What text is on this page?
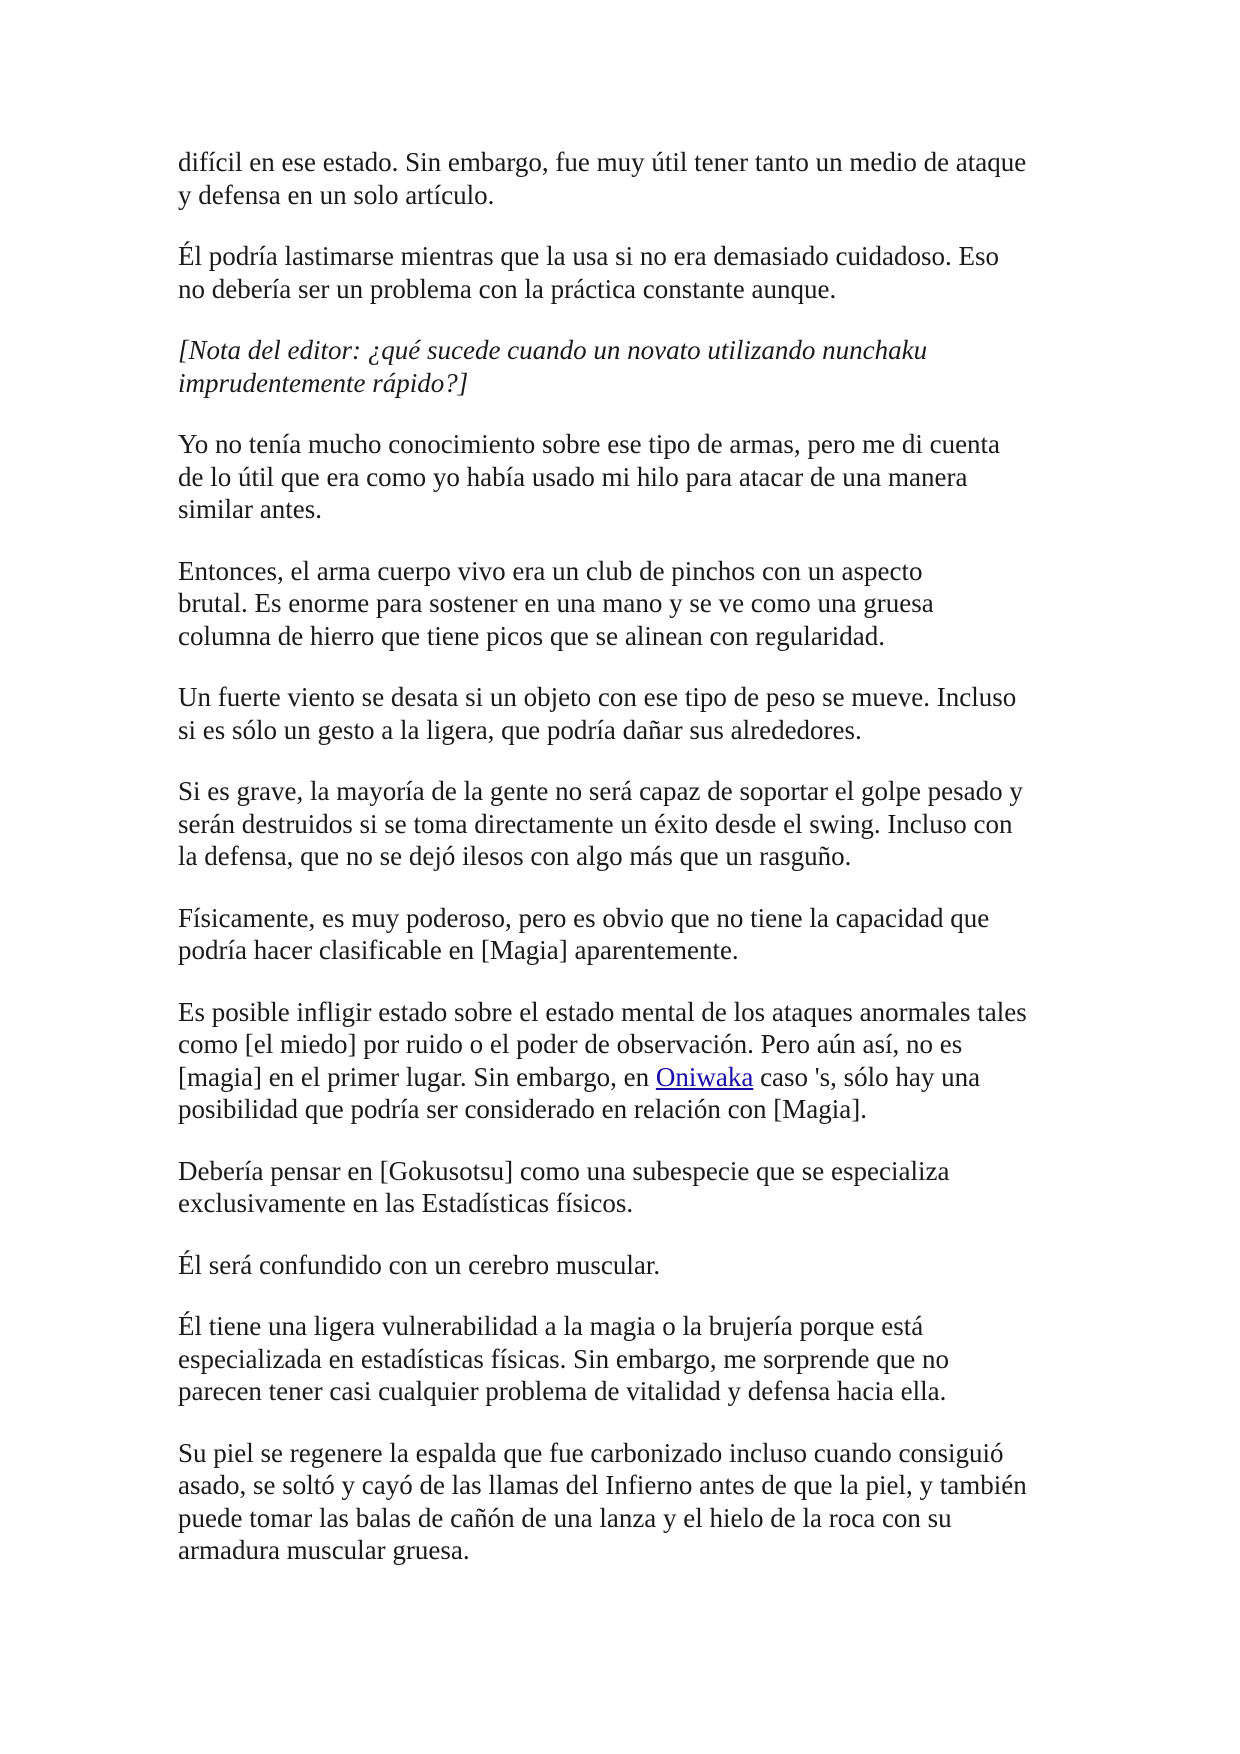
difícil en ese estado. Sin embargo, fue muy útil tener tanto un medio de ataque
y defensa en un solo artículo.

Él podría lastimarse mientras que la usa si no era demasiado cuidadoso. Eso
no debería ser un problema con la práctica constante aunque.

[Nota del editor: ¿qué sucede cuando un novato utilizando nunchaku
imprudentemente rápido?]

Yo no tenía mucho conocimiento sobre ese tipo de armas, pero me di cuenta
de lo útil que era como yo había usado mi hilo para atacar de una manera
similar antes.

Entonces, el arma cuerpo vivo era un club de pinchos con un aspecto
brutal. Es enorme para sostener en una mano y se ve como una gruesa
columna de hierro que tiene picos que se alinean con regularidad.

Un fuerte viento se desata si un objeto con ese tipo de peso se mueve. Incluso
si es sólo un gesto a la ligera, que podría dañar sus alrededores.

Si es grave, la mayoría de la gente no será capaz de soportar el golpe pesado y
serán destruidos si se toma directamente un éxito desde el swing. Incluso con
la defensa, que no se dejó ilesos con algo más que un rasguño.

Físicamente, es muy poderoso, pero es obvio que no tiene la capacidad que
podría hacer clasificable en [Magia] aparentemente.

Es posible infligir estado sobre el estado mental de los ataques anormales tales
como [el miedo] por ruido o el poder de observación. Pero aún así, no es
[magia] en el primer lugar. Sin embargo, en Oniwaka caso 's, sólo hay una
posibilidad que podría ser considerado en relación con [Magia].

Debería pensar en [Gokusotsu] como una subespecie que se especializa
exclusivamente en las Estadísticas físicos.

Él será confundido con un cerebro muscular.

Él tiene una ligera vulnerabilidad a la magia o la brujería porque está
especializada en estadísticas físicas. Sin embargo, me sorprende que no
parecen tener casi cualquier problema de vitalidad y defensa hacia ella.

Su piel se regenere la espalda que fue carbonizado incluso cuando consiguió
asado, se soltó y cayó de las llamas del Infierno antes de que la piel, y también
puede tomar las balas de cañón de una lanza y el hielo de la roca con su
armadura muscular gruesa.
